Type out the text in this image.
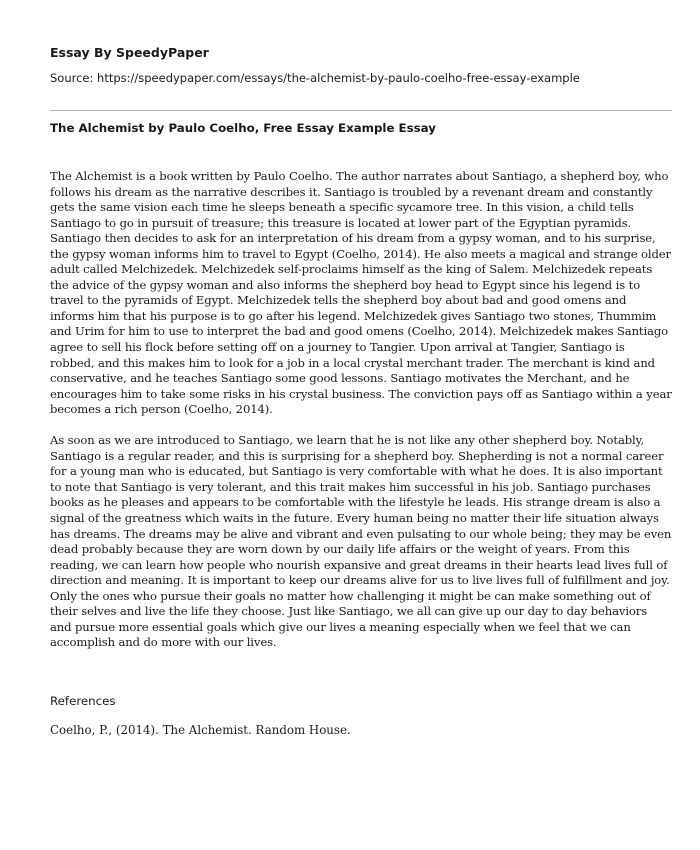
Essay By SpeedyPaper

Source: https://speedypaper.com/essays/the-alchemist-by-paulo-coelho-free-essay-example

The Alchemist by Paulo Coelho, Free Essay Example Essay

The Alchemist is a book written by Paulo Coelho. The author narrates about Santiago, a shepherd boy, who follows his dream as the narrative describes it. Santiago is troubled by a revenant dream and constantly gets the same vision each time he sleeps beneath a specific sycamore tree. In this vision, a child tells Santiago to go in pursuit of treasure; this treasure is located at lower part of the Egyptian pyramids. Santiago then decides to ask for an interpretation of his dream from a gypsy woman, and to his surprise, the gypsy woman informs him to travel to Egypt (Coelho, 2014). He also meets a magical and strange older adult called Melchizedek. Melchizedek self-proclaims himself as the king of Salem. Melchizedek repeats the advice of the gypsy woman and also informs the shepherd boy head to Egypt since his legend is to travel to the pyramids of Egypt. Melchizedek tells the shepherd boy about bad and good omens and informs him that his purpose is to go after his legend. Melchizedek gives Santiago two stones, Thummim and Urim for him to use to interpret the bad and good omens (Coelho, 2014). Melchizedek makes Santiago agree to sell his flock before setting off on a journey to Tangier. Upon arrival at Tangier, Santiago is robbed, and this makes him to look for a job in a local crystal merchant trader. The merchant is kind and conservative, and he teaches Santiago some good lessons. Santiago motivates the Merchant, and he encourages him to take some risks in his crystal business. The conviction pays off as Santiago within a year becomes a rich person (Coelho, 2014).

As soon as we are introduced to Santiago, we learn that he is not like any other shepherd boy. Notably, Santiago is a regular reader, and this is surprising for a shepherd boy. Shepherding is not a normal career for a young man who is educated, but Santiago is very comfortable with what he does. It is also important to note that Santiago is very tolerant, and this trait makes him successful in his job. Santiago purchases books as he pleases and appears to be comfortable with the lifestyle he leads. His strange dream is also a signal of the greatness which waits in the future. Every human being no matter their life situation always has dreams. The dreams may be alive and vibrant and even pulsating to our whole being; they may be even dead probably because they are worn down by our daily life affairs or the weight of years. From this reading, we can learn how people who nourish expansive and great dreams in their hearts lead lives full of direction and meaning. It is important to keep our dreams alive for us to live lives full of fulfillment and joy. Only the ones who pursue their goals no matter how challenging it might be can make something out of their selves and live the life they choose. Just like Santiago, we all can give up our day to day behaviors and pursue more essential goals which give our lives a meaning especially when we feel that we can accomplish and do more with our lives.

References

Coelho, P., (2014). The Alchemist. Random House.
